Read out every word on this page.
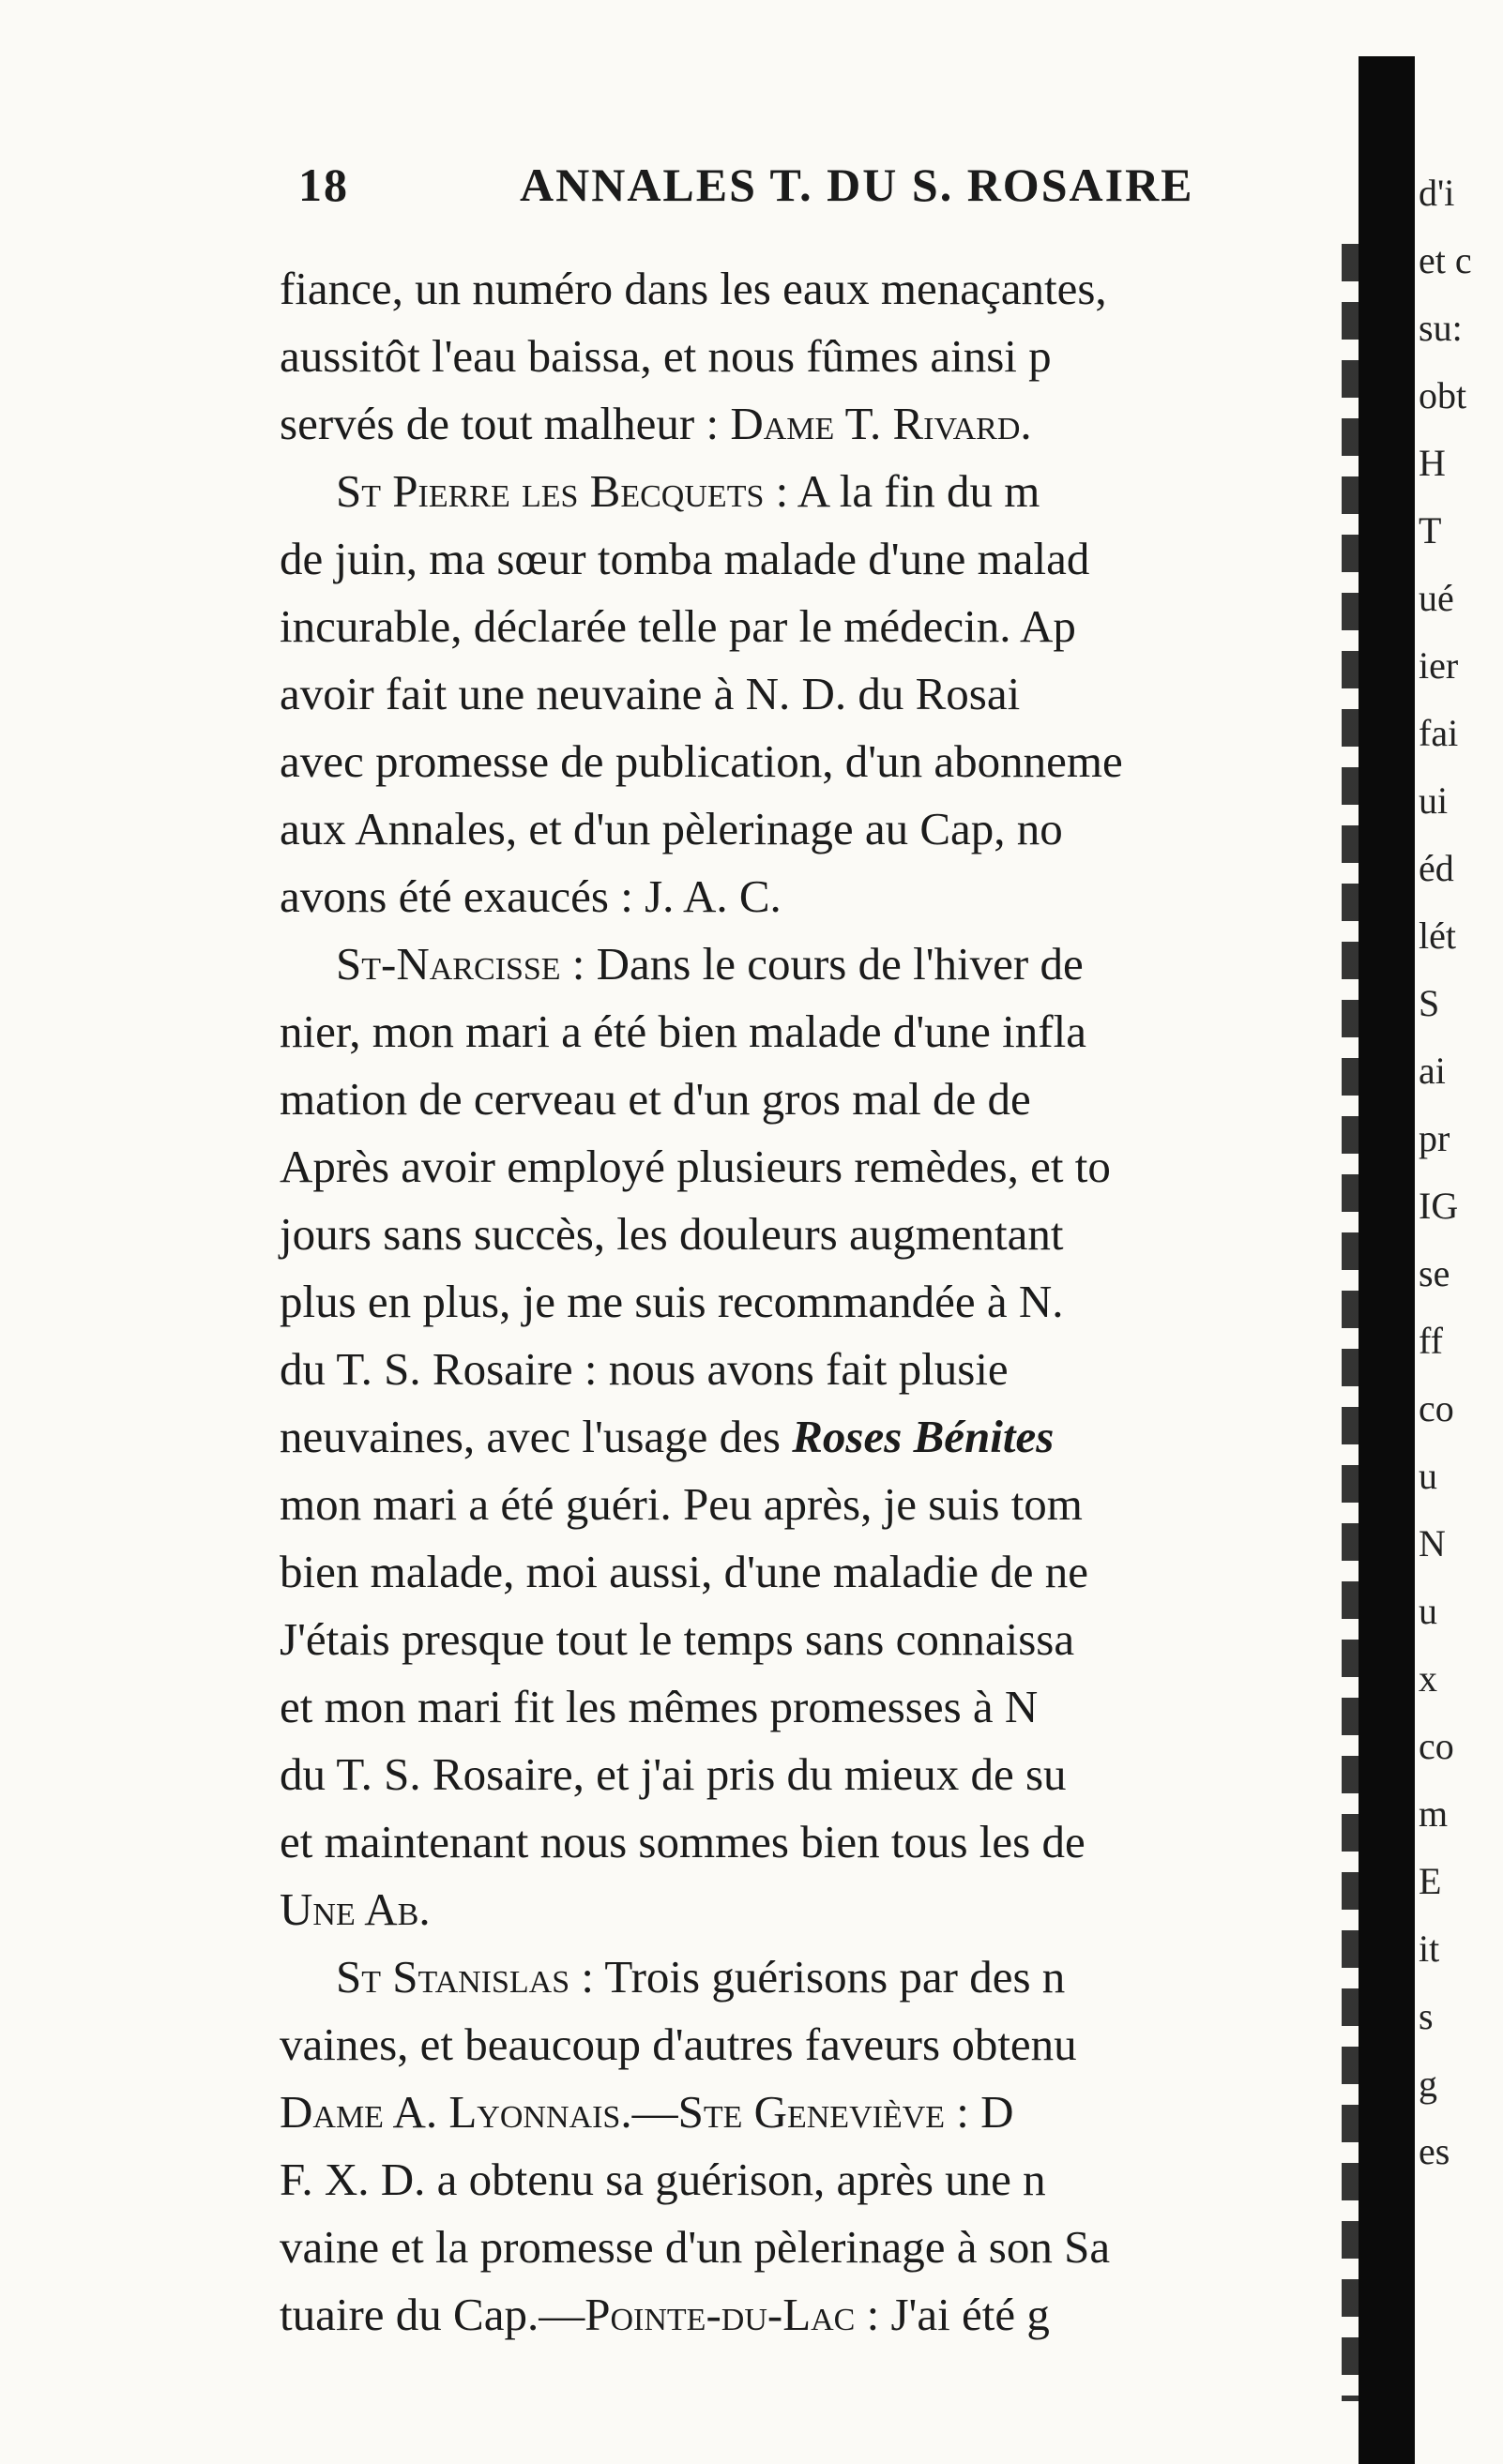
18	ANNALES T. DU S. ROSAIRE
fiance, un numéro dans les eaux menaçantes,
aussitôt l'eau baissa, et nous fûmes ainsi p
servés de tout malheur : Dame T. Rivard.
St Pierre les Becquets : A la fin du m
de juin, ma sœur tomba malade d'une malad
incurable, déclarée telle par le médecin. Ap
avoir fait une neuvaine à N. D. du Rosai
avec promesse de publication, d'un abonneme
aux Annales, et d'un pèlerinage au Cap, no
avons été exaucés : J. A. C.
St-Narcisse : Dans le cours de l'hiver de
nier, mon mari a été bien malade d'une infla
mation de cerveau et d'un gros mal de de
Après avoir employé plusieurs remèdes, et to
jours sans succès, les douleurs augmentant
plus en plus, je me suis recommandée à N.
du T. S. Rosaire : nous avons fait plusie
neuvaines, avec l'usage des Roses Bénites
mon mari a été guéri. Peu après, je suis tom
bien malade, moi aussi, d'une maladie de ne
J'étais presque tout le temps sans connaissa
et mon mari fit les mêmes promesses à N
du T. S. Rosaire, et j'ai pris du mieux de su
et maintenant nous sommes bien tous les de
Une Ab.
St Stanislas : Trois guérisons par des n
vaines, et beaucoup d'autres faveurs obtenu
Dame A. Lyonnais.—Ste Geneviève : D
F. X. D. a obtenu sa guérison, après une n
vaine et la promesse d'un pèlerinage à son Sa
tuaire du Cap.—Pointe-du-Lac : J'ai été g
d'i
et c
su:
obt
H
T
ué
ier
fai
ui
éd
lét
S
ai
pr
IG
se
ff
co
u
N
u
x
co
m
E
it
s
g
es
